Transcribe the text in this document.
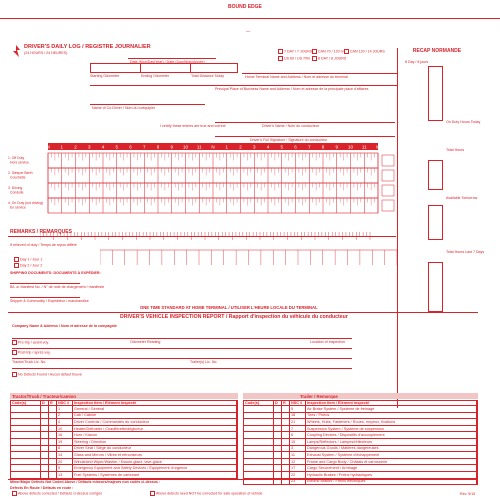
BOUND EDGE
—
DRIVER'S DAILY LOG / REGISTRE JOURNALIER
(24 HOURS / 24 HEURES)
Date (Mon/Day/Year) / Date (Jour/Mois/Année)
7 DAY / 7 JOURS
US 60 / US 70hr
CAN 70 / 120 hr
8 DAY / 8 JOURS
CAN 120 / 14 JOURS
Starting Odometer	Ending Odometer	Total Distance Today	Home Terminal Name and Address / Nom et adresse du terminal
Principal Place of Business Name and Address / Nom et adresse de la principale place d'affaires
RECAP NORMANDE
8 Day / 8 jours
On Duty Hours Today
Total Hours
Available Tomorrow
Total Hours Last 7 Days
Name of Co-Driver / Nom du coéquipier
Driver's Name / Nom du conducteur
I certify these entries are true and correct
Driver's Full Signature / Signature du conducteur
M 1 2 3 4 5 6 7 8 9 10 11 N 1 2 3 4 5 6 7 8 9 10 11 M
1. Off Duty
Hors service
2. Sleeper Berth
Couchette
3. Driving
Conduite
4. On Duty (not driving)
En service
REMARKS / REMARQUES
If relieved of duty / Temps de repos différé
Day 1 / Jour 1
Day 2 / Jour 2
SHIPPING DOCUMENTS: DOCUMENTS À EXPÉDIER:
B/L or Manifest No. / N° de note de chargement / manifeste
Shipper & Commodity / Expéditeur / marchandise
ONE TIME STANDARD AT HOME TERMINAL / UTILISER L'HEURE LOCALE DU TERMINAL
DRIVER'S VEHICLE INSPECTION REPORT / Rapport d'inspection du véhicule du conducteur
Company Name & Address / Nom et adresse de la compagnie
Pre-trip / avant-voy.	Odometer Reading	Location of Inspection
Post-trip / après voy.
Tractor/Truck Lic. No.	Trailer(s) Lic. No.
No Defects Found / Aucun défaut trouvé
Tractor/Truck / Tracteur/camion	Trailer / Remorque
Code(s)	D	R	NSC #	Inspection Item / Élément inspecté
1	General / Général
2	Cab / Cabine
4	Driver Controls / Commandes du conducteur
10	Heater/Defroster / Chaufferette/dégivreur
16	Horn / Klaxon
19	Steering / Direction
8	Driver Seat / Siège du conducteur
14	Glass and Mirrors / Vitres et rétroviseurs
20	Windshield Wiper/Washer / Essuie-glace, lave-glace
9	Emergency Equipment and Safety Devices / Équipement d'urgence
13	Fuel Systems / Systèmes de carburant
Code(s)	D	R	NSC #	Inspection Item / Élément inspecté
5	Air Brake System / Système de freinage
18	Tires / Pneus
21	Wheels, Hubs, Fasteners / Roues, moyeux, fixations
7	Suspension System / Système de suspension
6	Coupling Devices / Dispositifs d'accouplement
15	Lamps/Reflectors / Lampes/réflecteurs
3	Dangerous Goods / Matières dangereuses
11	Exhaust System / Système d'échappement
12	Frame and Cargo Body / Châssis et carrosserie
17	Cargo Securement / Arrimage
22	Hydraulic Brakes / Freins hydrauliques
23	Electric Brakes / Freins électriques
Minor/Major Defects Not Coded Above / Défauts mineurs/majeurs non codés ci-dessus :
Defects En Route / Défauts en route :
Above defects corrected / Défauts ci-dessus corrigés	Above defects need NOT be corrected for safe operation of vehicle	Rev. 9/15
